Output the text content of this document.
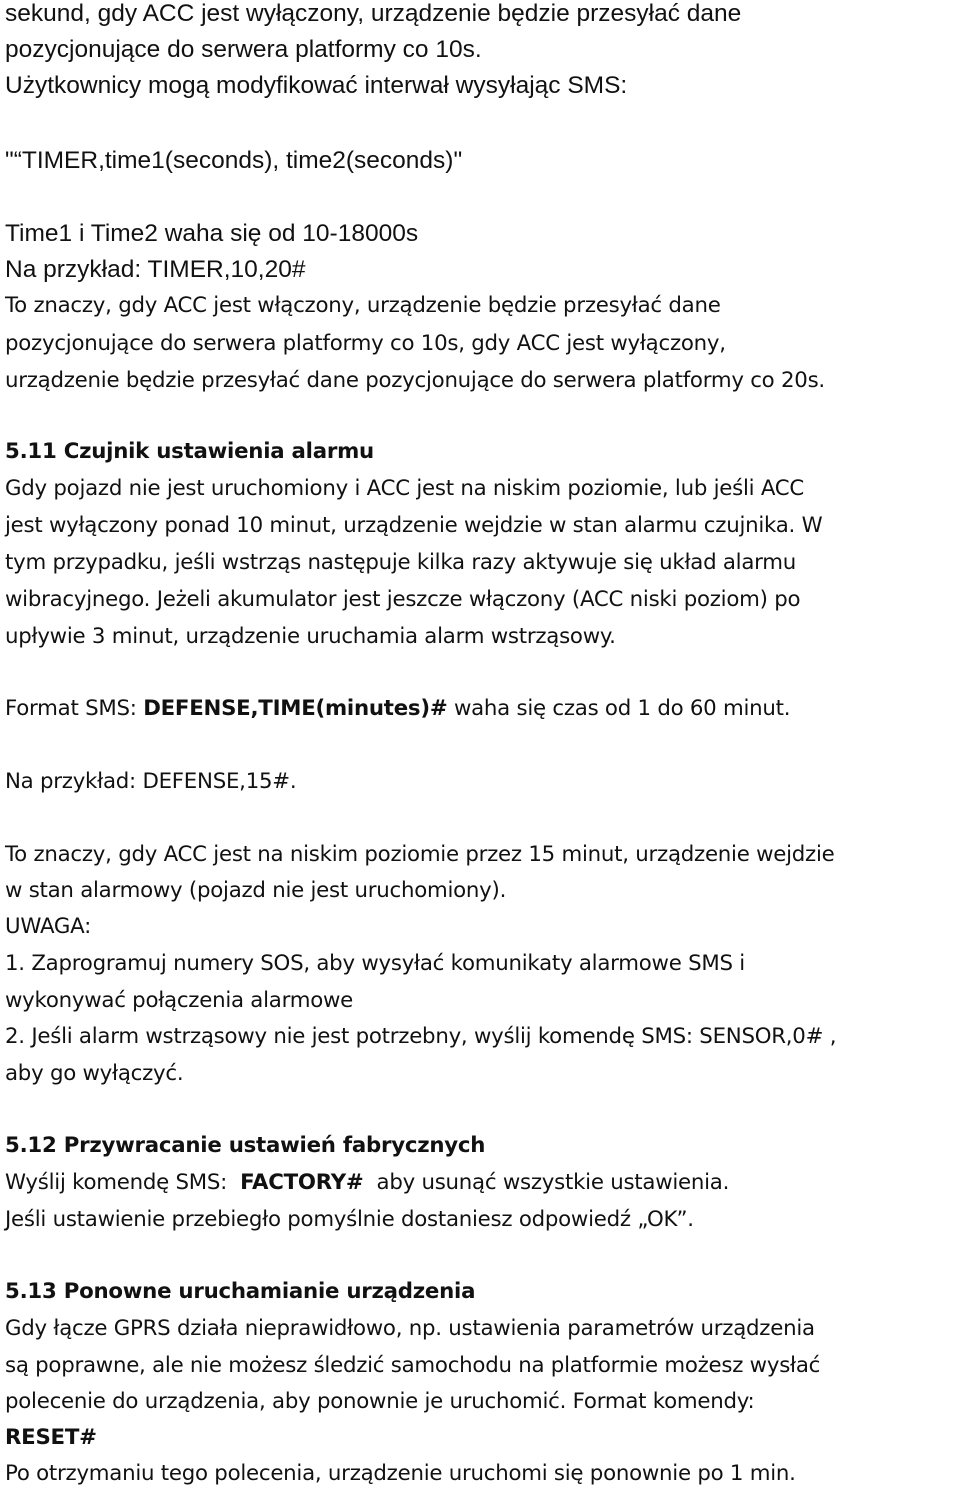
sekund, gdy ACC jest wyłączony, urządzenie będzie przesyłać dane
pozycjonujące do serwera platformy co 10s.
Użytkownicy mogą modyfikować interwał wysyłając SMS:
"“TIMER,time1(seconds), time2(seconds)"
Time1 i Time2 waha się od 10-18000s
Na przykład: TIMER,10,20#
To znaczy, gdy ACC jest włączony, urządzenie będzie przesyłać dane
pozycjonujące do serwera platformy co 10s, gdy ACC jest wyłączony,
urządzenie będzie przesyłać dane pozycjonujące do serwera platformy co 20s.
5.11 Czujnik ustawienia alarmu
Gdy pojazd nie jest uruchomiony i ACC jest na niskim poziomie, lub jeśli ACC
jest wyłączony ponad 10 minut, urządzenie wejdzie w stan alarmu czujnika. W
tym przypadku, jeśli wstrząs następuje kilka razy aktywuje się układ alarmu
wibracyjnego. Jeżeli akumulator jest jeszcze włączony (ACC niski poziom) po
upływie 3 minut, urządzenie uruchamia alarm wstrząsowy.
Format SMS: DEFENSE,TIME(minutes)# waha się czas od 1 do 60 minut.
Na przykład: DEFENSE,15#.
To znaczy, gdy ACC jest na niskim poziomie przez 15 minut, urządzenie wejdzie
w stan alarmowy (pojazd nie jest uruchomiony).
UWAGA:
1. Zaprogramuj numery SOS, aby wysyłać komunikaty alarmowe SMS i
wykonywać połączenia alarmowe
2. Jeśli alarm wstrząsowy nie jest potrzebny, wyślij komendę SMS: SENSOR,0# ,
aby go wyłączyć.
5.12 Przywracanie ustawień fabrycznych
Wyślij komendę SMS:  FACTORY#  aby usunąć wszystkie ustawienia.
Jeśli ustawienie przebiegło pomyślnie dostaniesz odpowiedź „OK”.
5.13 Ponowne uruchamianie urządzenia
Gdy łącze GPRS działa nieprawidłowo, np. ustawienia parametrów urządzenia
są poprawne, ale nie możesz śledzić samochodu na platformie możesz wysłać
polecenie do urządzenia, aby ponownie je uruchomić. Format komendy:
RESET#
Po otrzymaniu tego polecenia, urządzenie uruchomi się ponownie po 1 min.
